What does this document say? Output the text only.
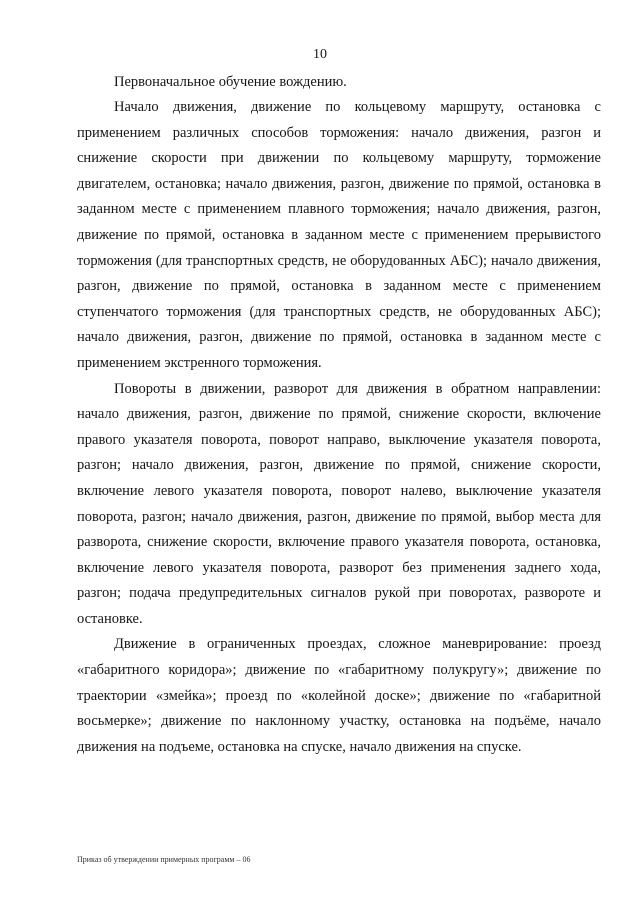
10

Первоначальное обучение вождению.

Начало движения, движение по кольцевому маршруту, остановка с применением различных способов торможения: начало движения, разгон и снижение скорости при движении по кольцевому маршруту, торможение двигателем, остановка; начало движения, разгон, движение по прямой, остановка в заданном месте с применением плавного торможения; начало движения, разгон, движение по прямой, остановка в заданном месте с применением прерывистого торможения (для транспортных средств, не оборудованных АБС); начало движения, разгон, движение по прямой, остановка в заданном месте с применением ступенчатого торможения (для транспортных средств, не оборудованных АБС); начало движения, разгон, движение по прямой, остановка в заданном месте с применением экстренного торможения.

Повороты в движении, разворот для движения в обратном направлении: начало движения, разгон, движение по прямой, снижение скорости, включение правого указателя поворота, поворот направо, выключение указателя поворота, разгон; начало движения, разгон, движение по прямой, снижение скорости, включение левого указателя поворота, поворот налево, выключение указателя поворота, разгон; начало движения, разгон, движение по прямой, выбор места для разворота, снижение скорости, включение правого указателя поворота, остановка, включение левого указателя поворота, разворот без применения заднего хода, разгон; подача предупредительных сигналов рукой при поворотах, развороте и остановке.

Движение в ограниченных проездах, сложное маневрирование: проезд «габаритного коридора»; движение по «габаритному полукругу»; движение по траектории «змейка»; проезд по «колейной доске»; движение по «габаритной восьмерке»; движение по наклонному участку, остановка на подъёме, начало движения на подъеме, остановка на спуске, начало движения на спуске.

Приказ об утверждении примерных программ – 06
